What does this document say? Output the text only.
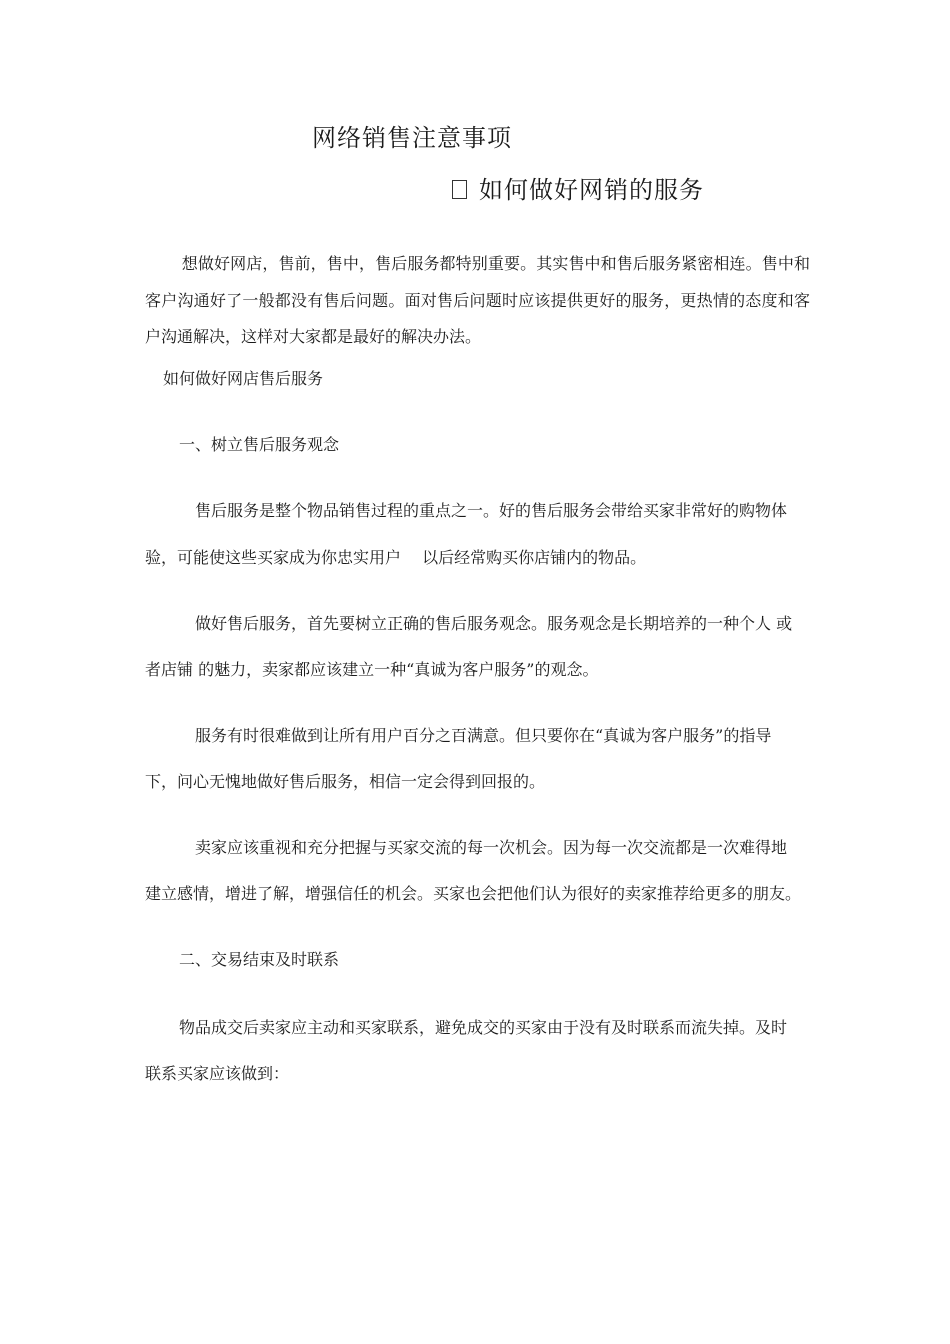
网络销售注意事项
如何做好网销的服务
想做好网店，售前，售中，售后服务都特别重要。其实售中和售后服务紧密相连。售中和客户沟通好了一般都没有售后问题。面对售后问题时应该提供更好的服务，更热情的态度和客户沟通解决，这样对大家都是最好的解决办法。
如何做好网店售后服务
一、树立售后服务观念
售后服务是整个物品销售过程的重点之一。好的售后服务会带给买家非常好的购物体
验，可能使这些买家成为你忠实用户　 以后经常购买你店铺内的物品。
做好售后服务，首先要树立正确的售后服务观念。服务观念是长期培养的一种个人 或
者店铺 的魅力，卖家都应该建立一种“真诚为客户服务”的观念。
服务有时很难做到让所有用户百分之百满意。但只要你在“真诚为客户服务”的指导
下，问心无愧地做好售后服务，相信一定会得到回报的。
卖家应该重视和充分把握与买家交流的每一次机会。因为每一次交流都是一次难得地
建立感情，增进了解，增强信任的机会。买家也会把他们认为很好的卖家推荐给更多的朋友。
二、交易结束及时联系
物品成交后卖家应主动和买家联系，避免成交的买家由于没有及时联系而流失掉。及时
联系买家应该做到：
